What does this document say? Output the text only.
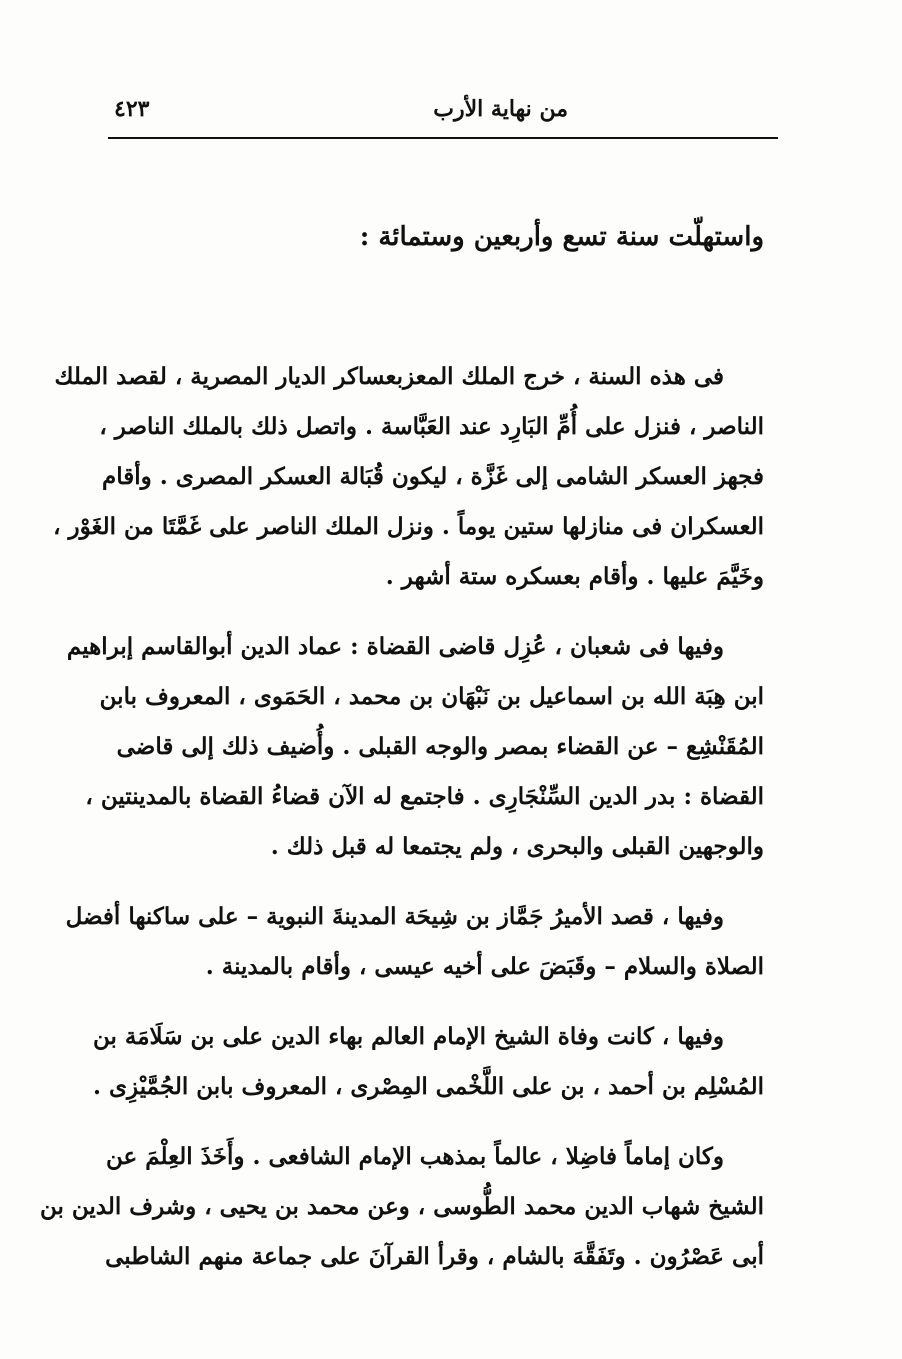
من نهاية الأرب
٤٢٣
واستهلّت سنة تسع وأربعين وستمائة :
فى هذه السنة ، خرج الملك المعزبعساكر الديار المصرية ، لقصد الملك
الناصر ، فنزل على أُمِّ البَارِد عند العَبَّاسة . واتصل ذلك بالملك الناصر ،
فجهز العسكر الشامى إلى غَزَّة ، ليكون قُبَالة العسكر المصرى . وأقام
العسكران فى منازلها ستين يوماً . ونزل الملك الناصر على غَمَّتَا من الغَوْر ،
وخَيَّمَ عليها . وأقام بعسكره ستة أشهر .
وفيها فى شعبان ، عُزِل قاضى القضاة : عماد الدين أبوالقاسم إبراهيم
ابن هِبَة الله بن اسماعيل بن نَبْهَان بن محمد ، الحَمَوى ، المعروف بابن
المُقَنْشِع – عن القضاء بمصر والوجه القبلى . وأُضيف ذلك إلى قاضى
القضاة : بدر الدين السِّنْجَارِى . فاجتمع له الآن قضاءُ القضاة بالمدينتين ،
والوجهين القبلى والبحرى ، ولم يجتمعا له قبل ذلك .
وفيها ، قصد الأميرُ جَمَّاز بن شِيحَة المدينةَ النبوية – على ساكنها أفضل
الصلاة والسلام – وقَبَضَ على أخيه عيسى ، وأقام بالمدينة .
وفيها ، كانت وفاة الشيخ الإمام العالم بهاء الدين على بن سَلَامَة بن
المُسْلِم بن أحمد ، بن على اللَّخْمى المِصْرى ، المعروف بابن الجُمَّيْزِى .
وكان إماماً فاضِلا ، عالماً بمذهب الإمام الشافعى . وأَخَذَ العِلْمَ عن
الشيخ شهاب الدين محمد الطُّوسى ، وعن محمد بن يحيى ، وشرف الدين بن
أبى عَصْرُون . وتَفَقَّهَ بالشام ، وقرأ القرآنَ على جماعة منهم الشاطبى
